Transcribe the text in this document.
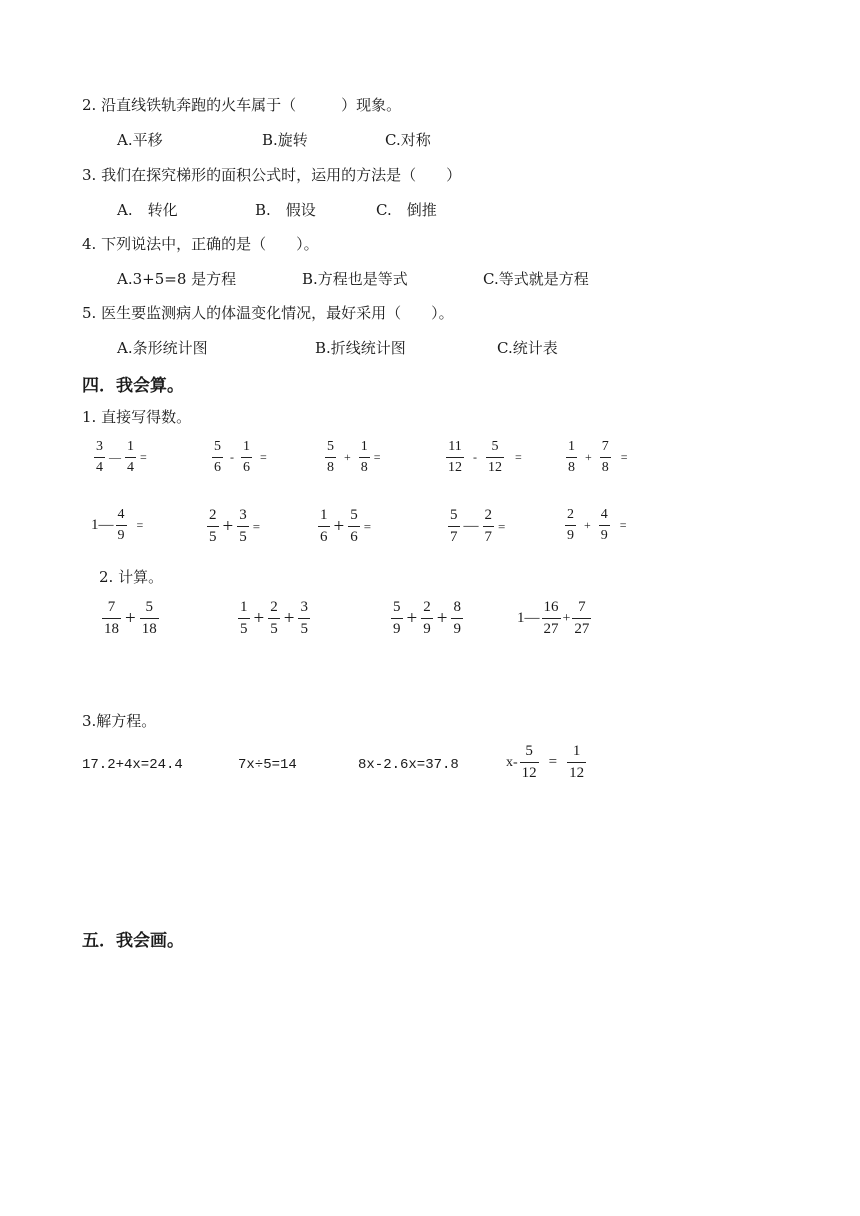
2. 沿直线铁轨奔跑的火车属于（　　　）现象。
A.平移	B.旋转	C.对称
3. 我们在探究梯形的面积公式时，运用的方法是（　　）
A.　转化	B.　假设	C.　倒推
4. 下列说法中，正确的是（　　）。
A.3+5=8 是方程	B.方程也是等式	C.等式就是方程
5. 医生要监测病人的体温变化情况，最好采用（　　）。
A.条形统计图	B.折线统计图	C.统计表
四．我会算。
1. 直接写得数。
$\frac{3}{4}$ — $\frac{1}{4}$ =	$\frac{5}{6} - \frac{1}{6}$ =	$\frac{5}{8} + \frac{1}{8}$ =	$\frac{11}{12} - \frac{5}{12}$ =	$\frac{1}{8} + \frac{7}{8}$ =
1— $\frac{4}{9}$ =	$\frac{2}{5} + \frac{3}{5}$ =	$\frac{1}{6} + \frac{5}{6}$ =	$\frac{5}{7}$ — $\frac{2}{7}$ =	$\frac{2}{9} + \frac{4}{9}$ =
2. 计算。
$\frac{7}{18} + \frac{5}{18}$	$\frac{1}{5} + \frac{2}{5} + \frac{3}{5}$	$\frac{5}{9} + \frac{2}{9} + \frac{8}{9}$	1— $\frac{16}{27} + \frac{7}{27}$
3.解方程。
17.2+4x=24.4	7x÷5=14	8x-2.6x=37.8	$x- \frac{5}{12} = \frac{1}{12}$
五．我会画。
